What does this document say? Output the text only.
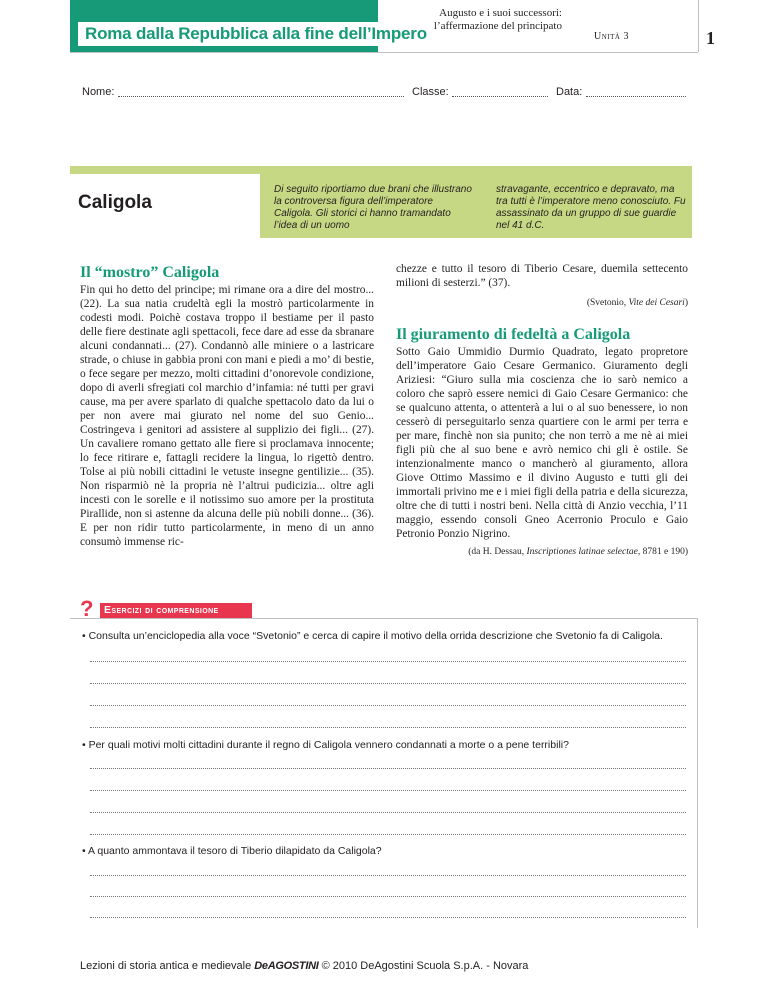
Roma dalla Repubblica alla fine dell’Impero
Augusto e i suoi successori:
l’affermazione del principato
Unità 3	1
Nome:	Classe:	Data:
Caligola
Di seguito riportiamo due brani che illustrano la controversa figura dell’imperatore Caligola. Gli storici ci hanno tramandato l’idea di un uomo
stravagante, eccentrico e depravato, ma tra tutti è l’imperatore meno conosciuto. Fu assassinato da un gruppo di sue guardie nel 41 d.C.
Il “mostro” Caligola

Fin qui ho detto del principe; mi rimane ora a dire del mostro... (22). La sua natia crudeltà egli la mostrò particolarmente in codesti modi. Poichè costava troppo il bestiame per il pasto delle fiere destinate agli spettacoli, fece dare ad esse da sbranare alcuni condannati... (27). Condannò alle miniere o a lastricare strade, o chiuse in gabbia proni con mani e piedi a mo’ di bestie, o fece segare per mezzo, molti cittadini d’onorevole condizione, dopo di averli sfregiati col marchio d’infamia: né tutti per gravi cause, ma per avere sparlato di qualche spettacolo dato da lui o per non avere mai giurato nel nome del suo Genio... Costringeva i genitori ad assistere al supplizio dei figli... (27). Un cavaliere romano gettato alle fiere si proclamava innocente; lo fece ritirare e, fattagli recidere la lingua, lo rigettò dentro. Tolse ai più nobili cittadini le vetuste insegne gentilizie... (35). Non risparmiò nè la propria nè l’altrui pudicizia... oltre agli incesti con le sorelle e il notissimo suo amore per la prostituta Pirallide, non si astenne da alcuna delle più nobili donne... (36). E per non ridir tutto particolarmente, in meno di un anno consumò immense ric-

chezze e tutto il tesoro di Tiberio Cesare, duemila settecento milioni di sesterzi.” (37).

(Svetonio, Vite dei Cesari)
Il giuramento di fedeltà a Caligola

Sotto Gaio Ummidio Durmio Quadrato, legato propretore dell’imperatore Gaio Cesare Germanico. Giuramento degli Ariziesi: “Giuro sulla mia coscienza che io sarò nemico a coloro che saprò essere nemici di Gaio Cesare Germanico: che se qualcuno attenta, o attenterà a lui o al suo benessere, io non cesserò di perseguitarlo senza quartiere con le armi per terra e per mare, finchè non sia punito; che non terrò a me nè ai miei figli più che al suo bene e avrò nemico chi gli è ostile. Se intenzionalmente manco o mancherò al giuramento, allora Giove Ottimo Massimo e il divino Augusto e tutti gli dei immortali privino me e i miei figli della patria e della sicurezza, oltre che di tutti i nostri beni. Nella città di Anzio vecchia, l’11 maggio, essendo consoli Gneo Acerronio Proculo e Gaio Petronio Ponzio Nigrino.

(da H. Dessau, Inscriptiones latinae selectae, 8781 e 190)
Esercizi di comprensione
?
• Consulta un’enciclopedia alla voce “Svetonio” e cerca di capire il motivo della orrida descrizione che Svetonio fa di Caligola.
• Per quali motivi molti cittadini durante il regno di Caligola vennero condannati a morte o a pene terribili?
• A quanto ammontava il tesoro di Tiberio dilapidato da Caligola?
Lezioni di storia antica e medievale DeAGOSTINI © 2010 DeAgostini Scuola S.p.A. - Novara
